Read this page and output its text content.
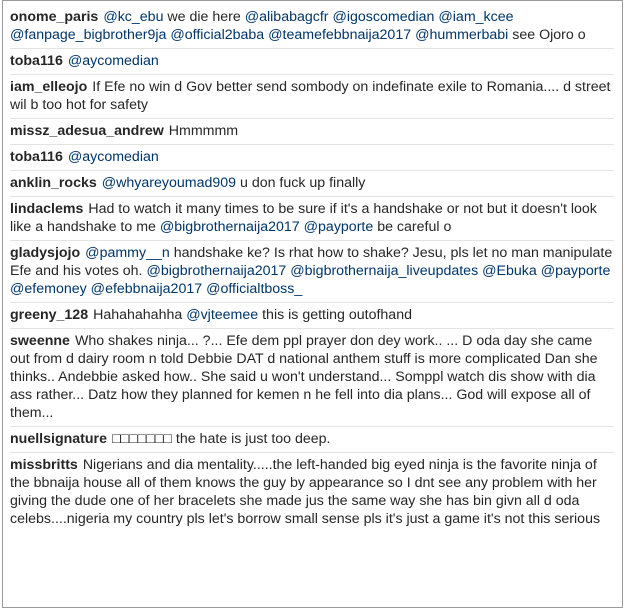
onome_paris @kc_ebu we die here @alibabagcfr @igoscomedian @iam_kcee @fanpage_bigbrother9ja @official2baba @teamefebbnaija2017 @hummerbabi see Ojoro o
toba116 @aycomedian
iam_elleojo If Efe no win d Gov better send sombody on indefinate exile to Romania.... d street wil b too hot for safety
missz_adesua_andrew Hmmmmm
toba116 @aycomedian
anklin_rocks @whyareyoumad909 u don fuck up finally
lindaclems Had to watch it many times to be sure if it's a handshake or not but it doesn't look like a handshake to me @bigbrothernaija2017 @payporte be careful o
gladysjojo @pammy__n handshake ke? Is rhat how to shake? Jesu, pls let no man manipulate Efe and his votes oh. @bigbrothernaija2017 @bigbrothernaija_liveupdates @Ebuka @payporte @efemoney @efebbnaija2017 @officialtboss_
greeny_128 Hahahahahha @vjteemee this is getting outofhand
sweenne Who shakes ninja... ?... Efe dem ppl prayer don dey work.. ... D oda day she came out from d dairy room n told Debbie DAT d national anthem stuff is more complicated Dan she thinks.. Andebbie asked how.. She said u won't understand... Somppl watch dis show with dia ass rather... Datz how they planned for kemen n he fell into dia plans... God will expose all of them...
nuellsignature □□□□□□□ the hate is just too deep.
missbritts Nigerians and dia mentality.....the left-handed big eyed ninja is the favorite ninja of the bbnaija house all of them knows the guy by appearance so I dnt see any problem with her giving the dude one of her bracelets she made jus the same way she has bin givn all d oda celebs....nigeria my country pls let's borrow small sense pls it's just a game it's not this serious
